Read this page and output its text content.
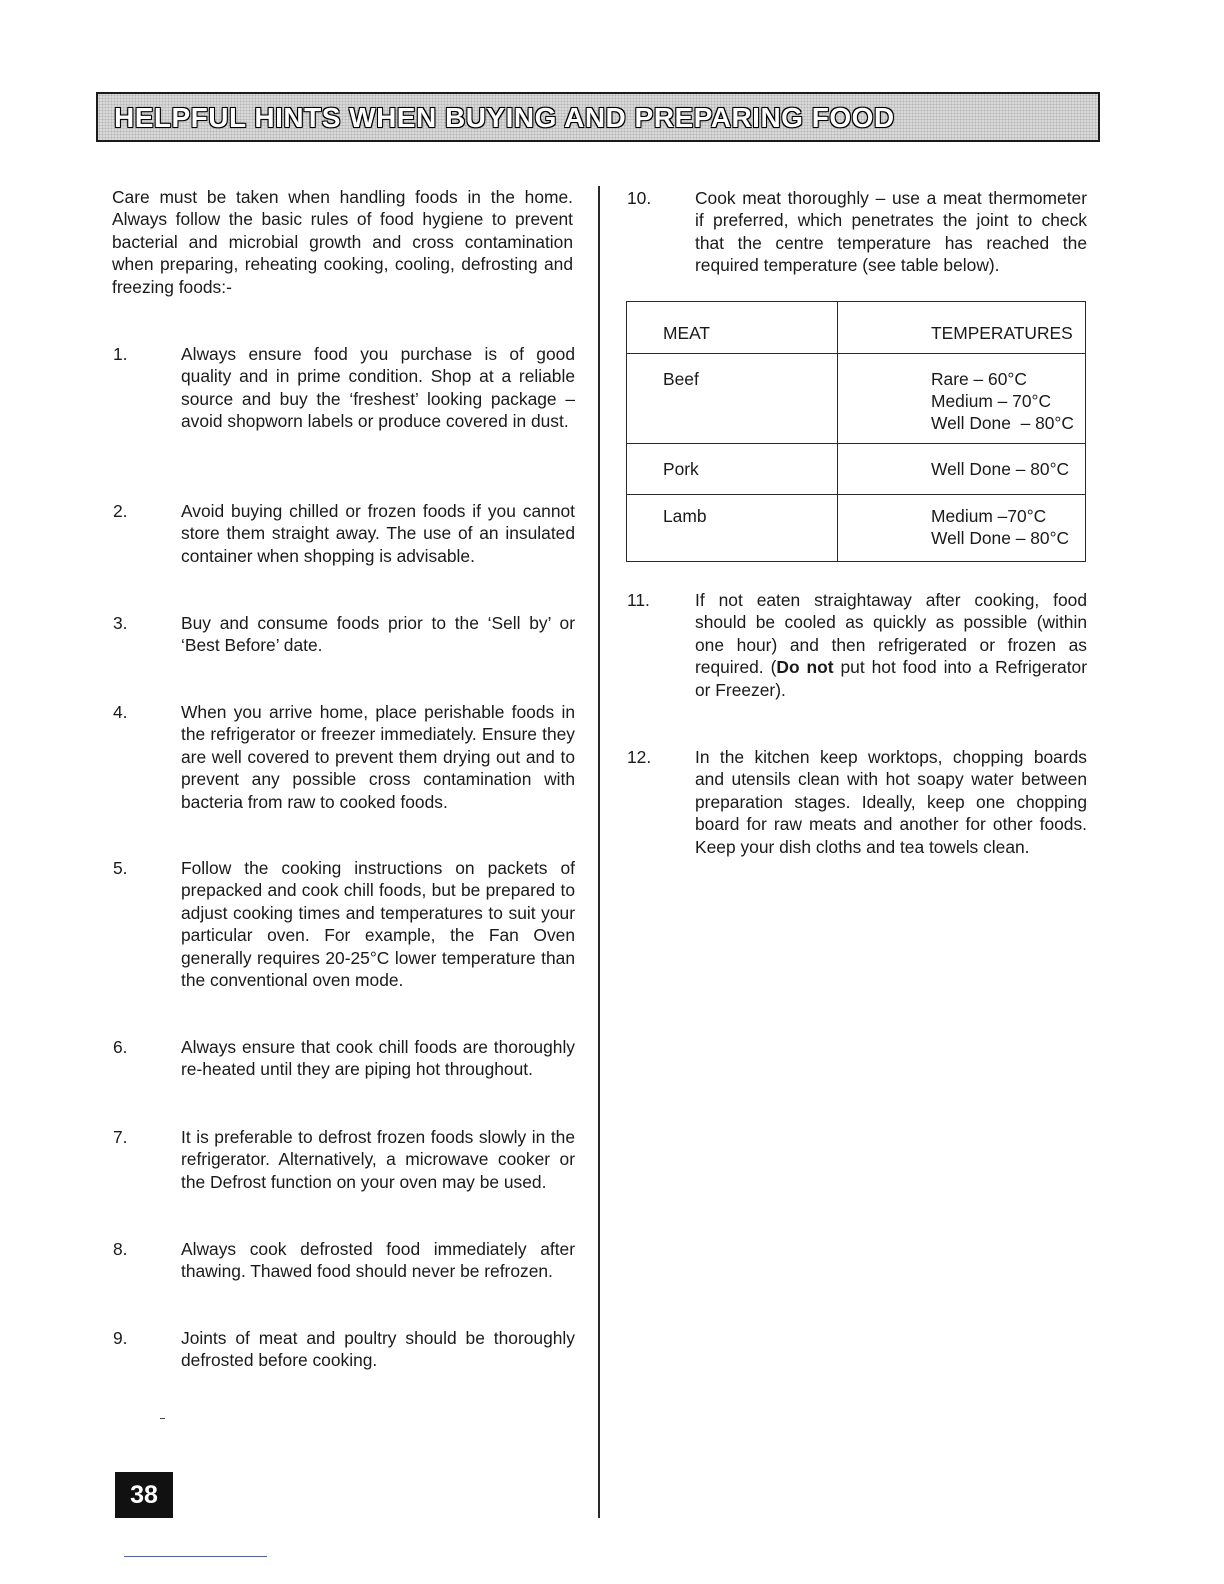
HELPFUL HINTS WHEN BUYING AND PREPARING FOOD
Care must be taken when handling foods in the home. Always follow the basic rules of food hygiene to prevent bacterial and microbial growth and cross contamination when preparing, reheating cooking, cooling, defrosting and freezing foods:-
1.	Always ensure food you purchase is of good quality and in prime condition. Shop at a reliable source and buy the ‘freshest’ looking package – avoid shopworn labels or produce covered in dust.
2.	Avoid buying chilled or frozen foods if you cannot store them straight away. The use of an insulated container when shopping is advisable.
3.	Buy and consume foods prior to the ‘Sell by’ or ‘Best Before’ date.
4.	When you arrive home, place perishable foods in the refrigerator or freezer immediately. Ensure they are well covered to prevent them drying out and to prevent any possible cross contamination with bacteria from raw to cooked foods.
5.	Follow the cooking instructions on packets of prepacked and cook chill foods, but be prepared to adjust cooking times and temperatures to suit your particular oven. For example, the Fan Oven generally requires 20-25°C lower temperature than the conventional oven mode.
6.	Always ensure that cook chill foods are thoroughly re-heated until they are piping hot throughout.
7.	It is preferable to defrost frozen foods slowly in the refrigerator. Alternatively, a microwave cooker or the Defrost function on your oven may be used.
8.	Always cook defrosted food immediately after thawing. Thawed food should never be refrozen.
9.	Joints of meat and poultry should be thoroughly defrosted before cooking.
10.	Cook meat thoroughly – use a meat thermometer if preferred, which penetrates the joint to check that the centre temperature has reached the required temperature (see table below).
MEAT	TEMPERATURES
Beef	Rare – 60°C
Medium – 70°C
Well Done  – 80°C

Pork	Well Done – 80°C

Lamb	Medium –70°C
Well Done – 80°C
11.	If not eaten straightaway after cooking, food should be cooled as quickly as possible (within one hour) and then refrigerated or frozen as required. (Do not put hot food into a Refrigerator or Freezer).
12.	In the kitchen keep worktops, chopping boards and utensils clean with hot soapy water between preparation stages. Ideally, keep one chopping board for raw meats and another for other foods. Keep your dish cloths and tea towels clean.
38
